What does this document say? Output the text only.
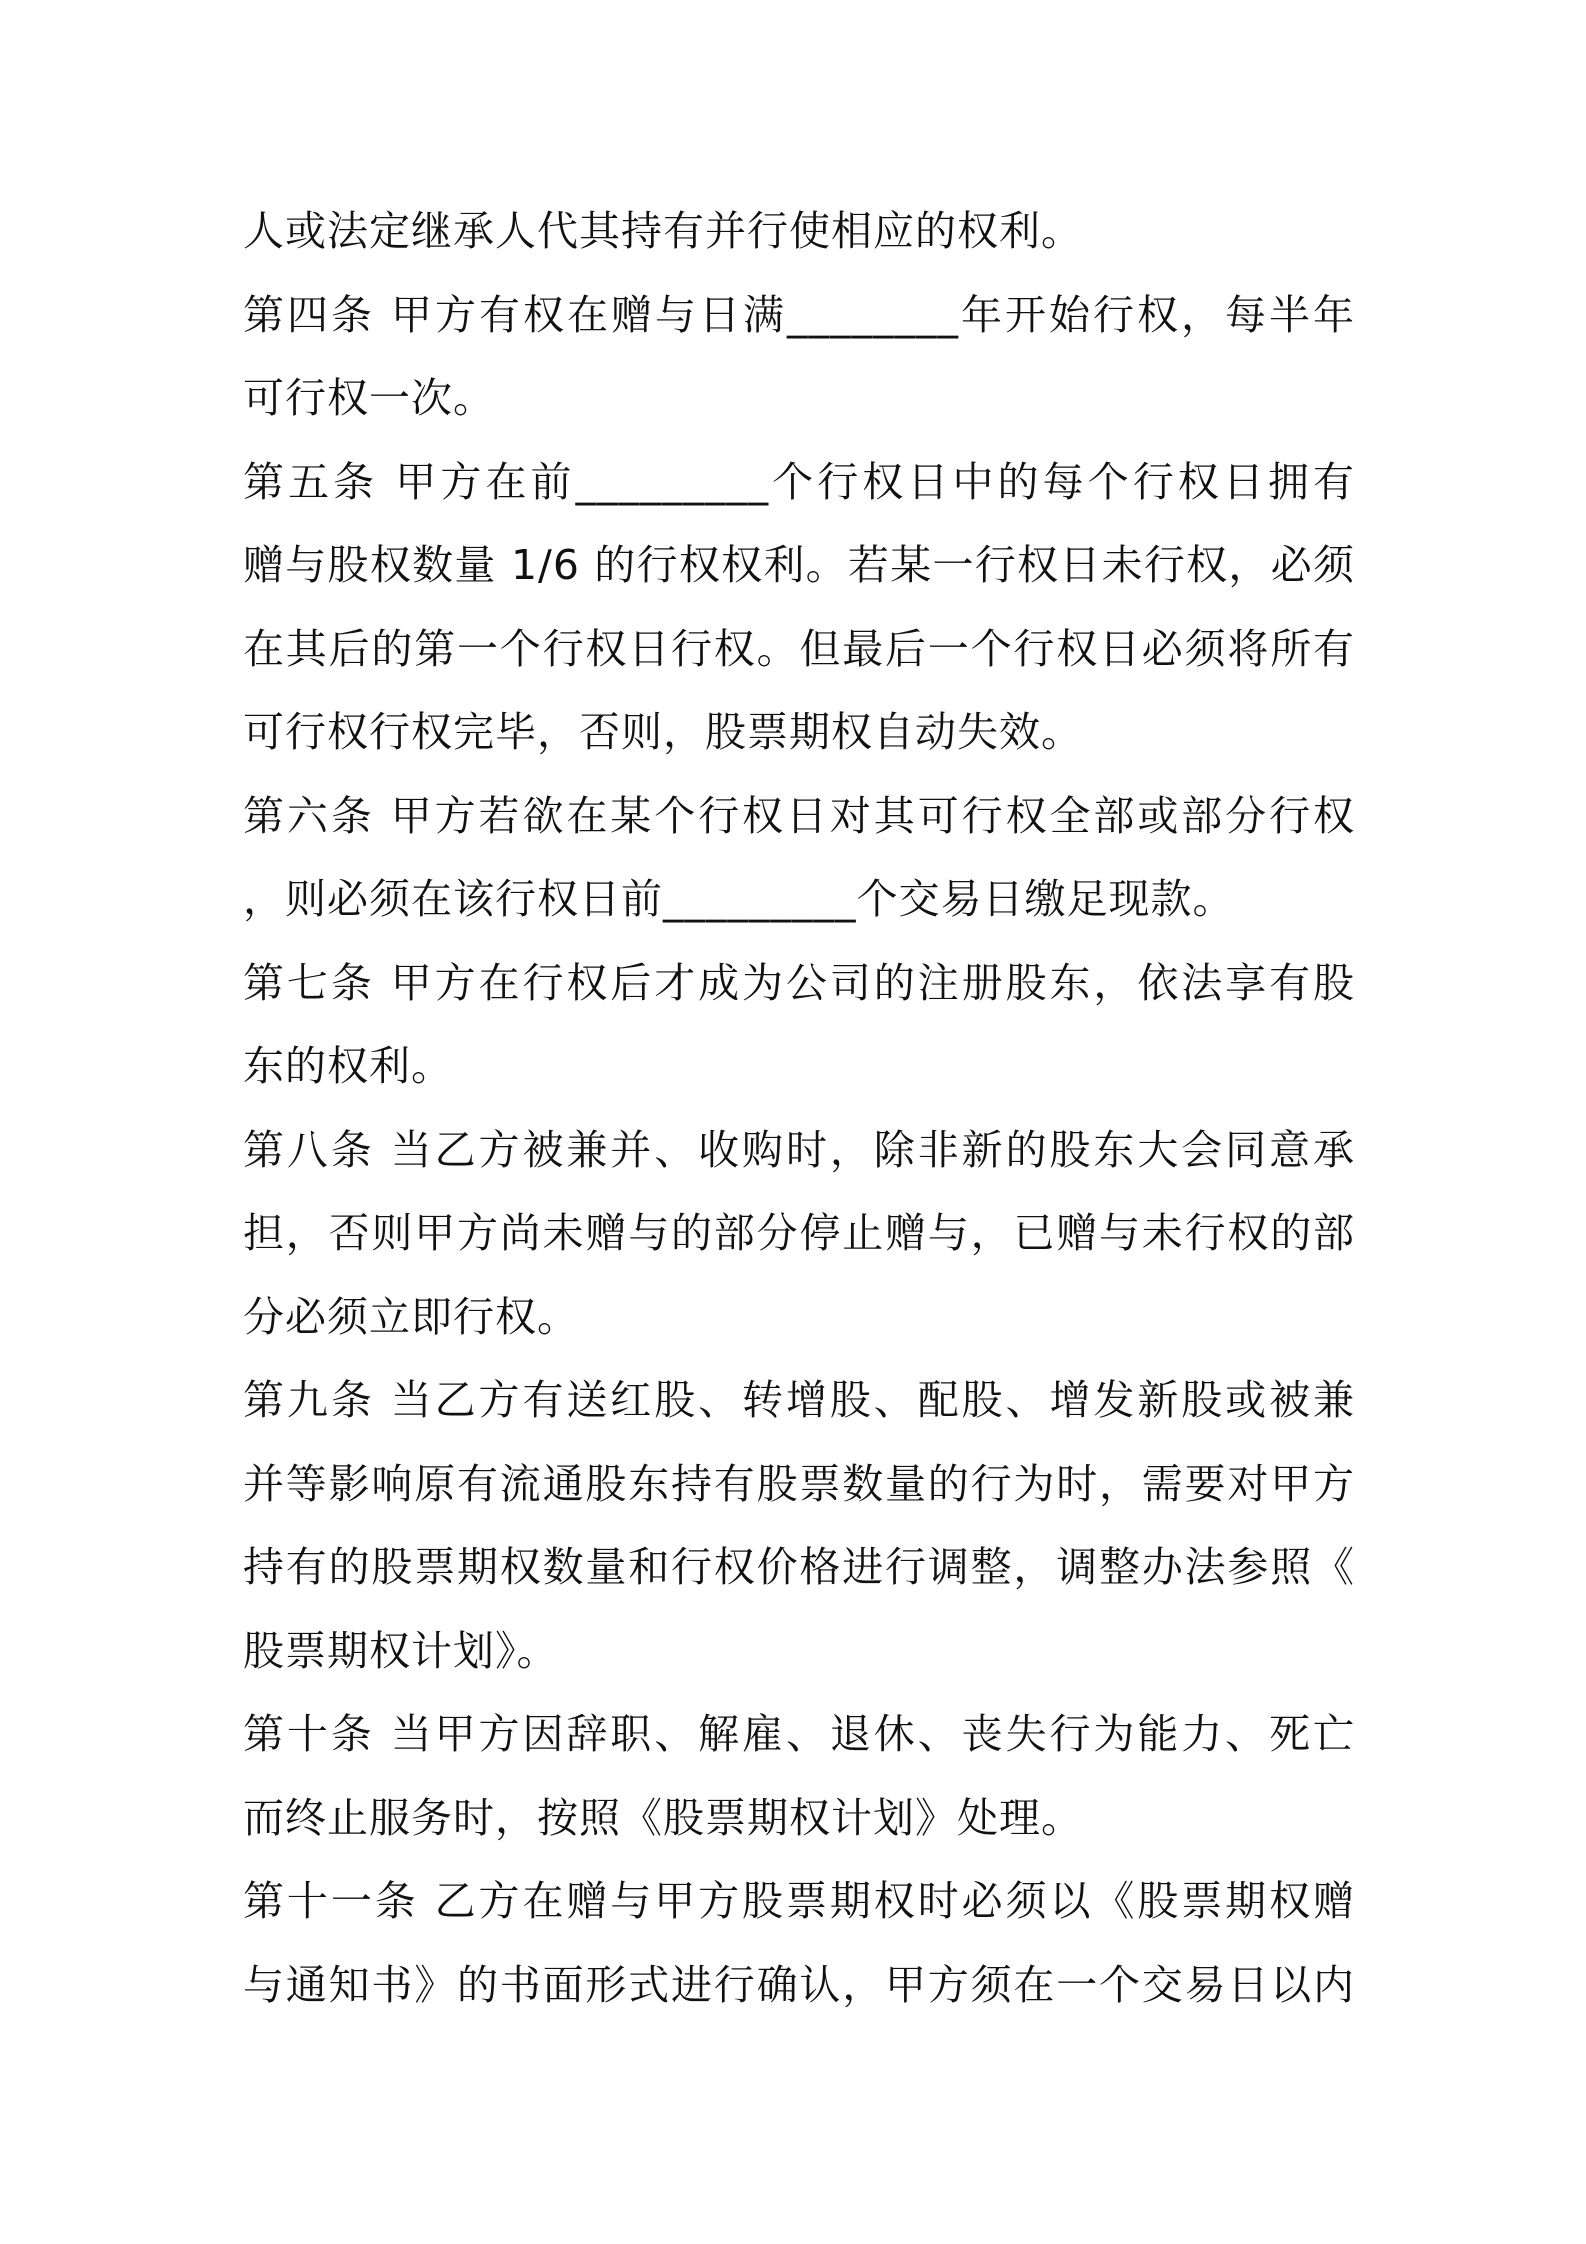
人或法定继承人代其持有并行使相应的权利。
第四条 甲方有权在赠与日满________年开始行权，每半年
可行权一次。
第五条 甲方在前_________个行权日中的每个行权日拥有
赠与股权数量 1/6 的行权权利。若某一行权日未行权，必须
在其后的第一个行权日行权。但最后一个行权日必须将所有
可行权行权完毕，否则，股票期权自动失效。
第六条 甲方若欲在某个行权日对其可行权全部或部分行权
，则必须在该行权日前_________个交易日缴足现款。
第七条 甲方在行权后才成为公司的注册股东，依法享有股
东的权利。
第八条 当乙方被兼并、收购时，除非新的股东大会同意承
担，否则甲方尚未赠与的部分停止赠与，已赠与未行权的部
分必须立即行权。
第九条 当乙方有送红股、转增股、配股、增发新股或被兼
并等影响原有流通股东持有股票数量的行为时，需要对甲方
持有的股票期权数量和行权价格进行调整，调整办法参照《
股票期权计划》。
第十条 当甲方因辞职、解雇、退休、丧失行为能力、死亡
而终止服务时，按照《股票期权计划》处理。
第十一条 乙方在赠与甲方股票期权时必须以《股票期权赠
与通知书》的书面形式进行确认，甲方须在一个交易日以内
